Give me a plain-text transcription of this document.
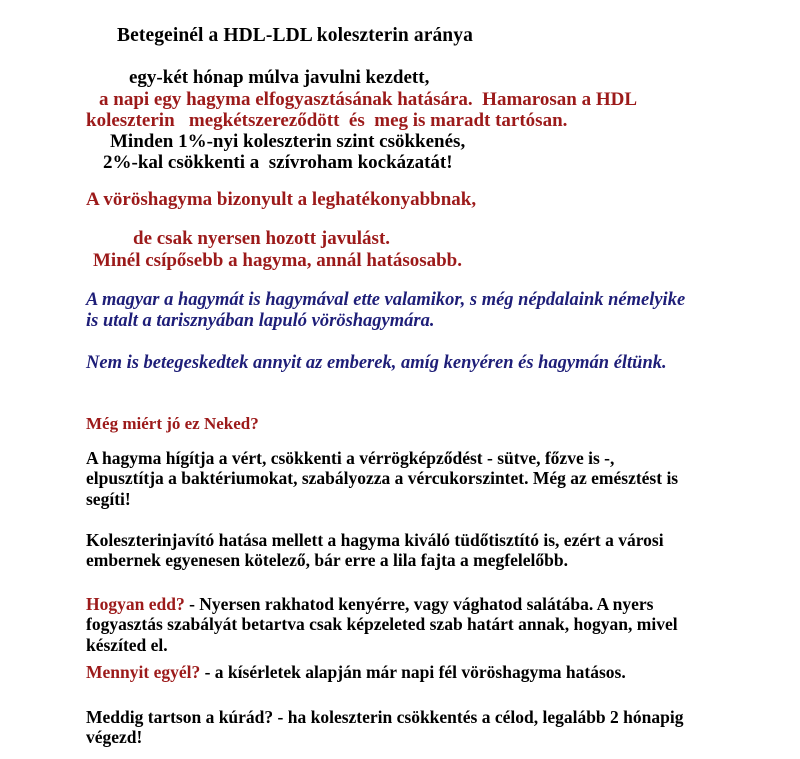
Betegeinél a HDL-LDL koleszterin aránya
egy-két hónap múlva javulni kezdett,
a napi egy hagyma elfogyasztásának hatására.  Hamarosan a HDL
koleszterin   megkétszereződött  és  meg is maradt tartósan.
Minden 1%-nyi koleszterin szint csökkenés,
2%-kal csökkenti a  szívroham kockázatát!
A vöröshagyma bizonyult a leghatékonyabbnak,
de csak nyersen hozott javulást.
Minél csípősebb a hagyma, annál hatásosabb.
A magyar a hagymát is hagymával ette valamikor, s még népdalaink némelyike is utalt a tarisznyában lapuló vöröshagymára.
Nem is betegeskedtek annyit az emberek, amíg kenyéren és hagymán éltünk.
Még miért jó ez Neked?
A hagyma hígítja a vért, csökkenti a vérrögképződést - sütve, főzve is -, elpusztítja a baktériumokat, szabályozza a vércukorszintet. Még az emésztést is segíti!
Koleszterinjavító hatása mellett a hagyma kiváló tüdőtisztító is, ezért a városi embernek egyenesen kötelező, bár erre a lila fajta a megfelelőbb.
Hogyan edd? - Nyersen rakhatod kenyérre, vagy vághatod salátába. A nyers fogyasztás szabályát betartva csak képzeleted szab határt annak, hogyan, mivel készíted el.
Mennyit egyél? - a kísérletek alapján már napi fél vöröshagyma hatásos.
Meddig tartson a kúrád? - ha koleszterin csökkentés a célod, legalább 2 hónapig végezd!
